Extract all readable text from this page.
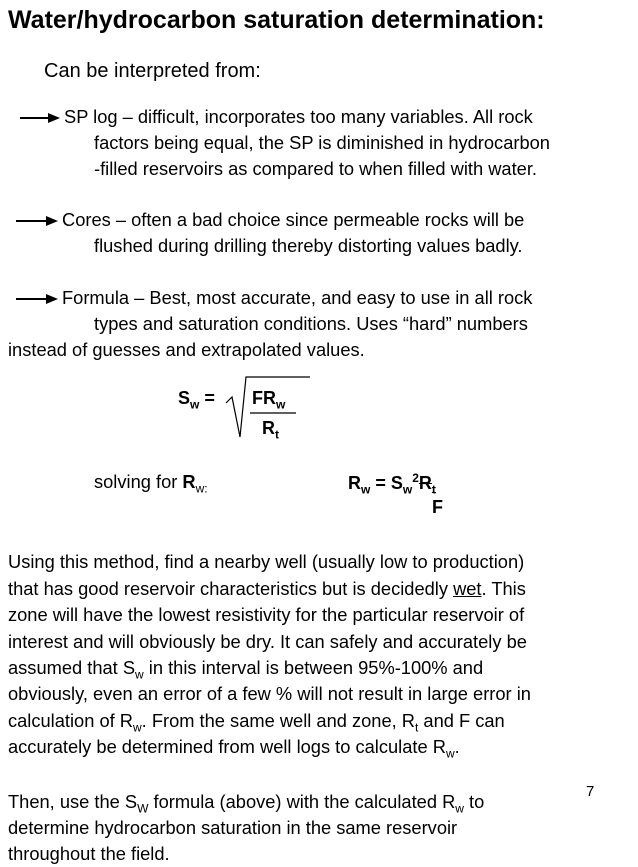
Water/hydrocarbon saturation determination:
Can be interpreted from:
SP log – difficult, incorporates too many variables. All rock
factors being equal, the SP is diminished in hydrocarbon
-filled reservoirs as compared to when filled with water.
Cores – often a bad choice since permeable rocks will be
flushed during drilling thereby distorting values badly.
Formula – Best, most accurate, and easy to use in all rock
types and saturation conditions. Uses “hard” numbers
instead of guesses and extrapolated values.
$S_w = FR_w$
$R_t$
solving for $R_{w:}$	$R_w = S_w^2R_t$
F
Using this method, find a nearby well (usually low to production)
that has good reservoir characteristics but is decidedly wet. This
zone will have the lowest resistivity for the particular reservoir of
interest and will obviously be dry. It can safely and accurately be
assumed that $S_w$ in this interval is between 95%-100% and
obviously, even an error of a few % will not result in large error in
calculation of $R_w$. From the same well and zone, $R_t$ and F can
accurately be determined from well logs to calculate $R_w$.
Then, use the $S_W$ formula (above) with the calculated $R_w$ to
determine hydrocarbon saturation in the same reservoir
throughout the field.
7
